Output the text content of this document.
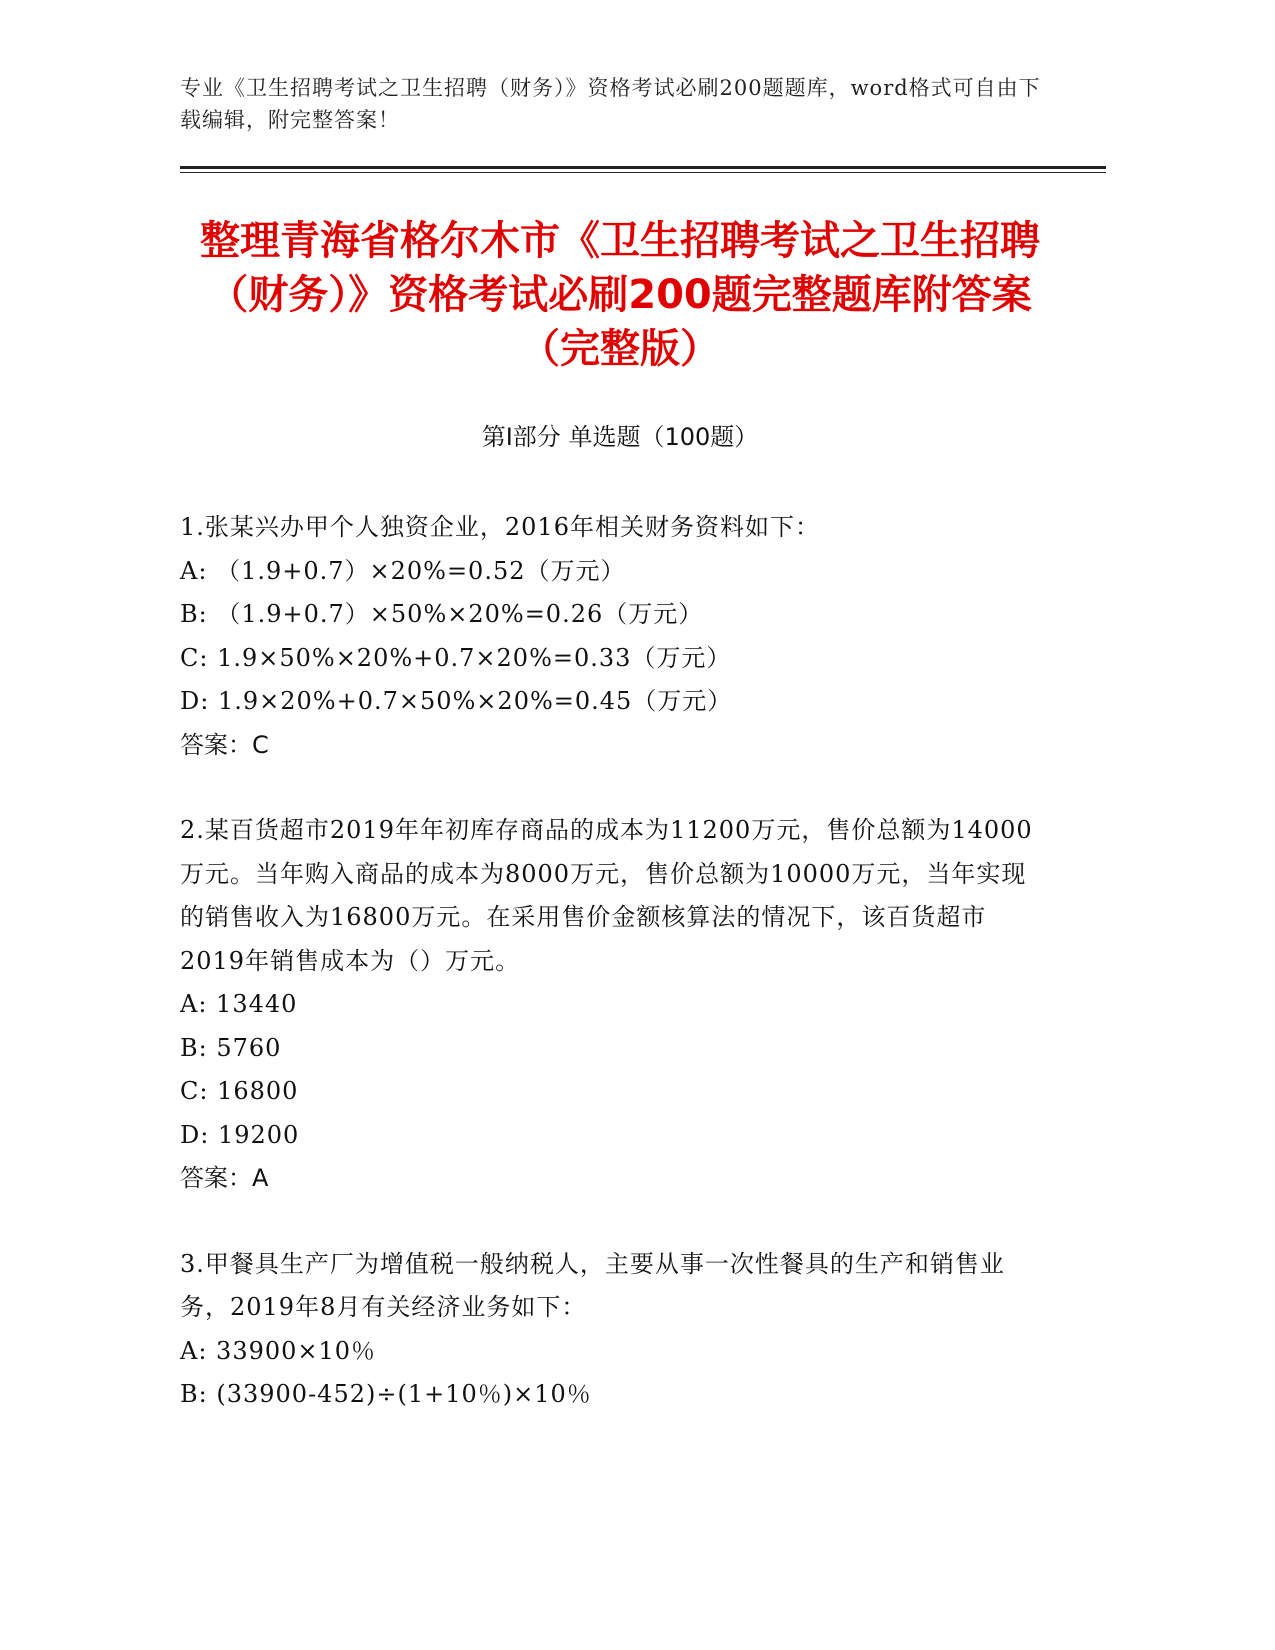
专业《卫生招聘考试之卫生招聘（财务）》资格考试必刷200题题库，word格式可自由下载编辑，附完整答案！
整理青海省格尔木市《卫生招聘考试之卫生招聘（财务）》资格考试必刷200题完整题库附答案（完整版）
第Ⅰ部分 单选题（100题）
1.张某兴办甲个人独资企业，2016年相关财务资料如下：
A: （1.9+0.7）×20%=0.52（万元）
B: （1.9+0.7）×50%×20%=0.26（万元）
C: 1.9×50%×20%+0.7×20%=0.33（万元）
D: 1.9×20%+0.7×50%×20%=0.45（万元）
答案：C
2.某百货超市2019年年初库存商品的成本为11200万元，售价总额为14000万元。当年购入商品的成本为8000万元，售价总额为10000万元，当年实现的销售收入为16800万元。在采用售价金额核算法的情况下，该百货超市2019年销售成本为（）万元。
A: 13440
B: 5760
C: 16800
D: 19200
答案：A
3.甲餐具生产厂为增值税一般纳税人，主要从事一次性餐具的生产和销售业务，2019年8月有关经济业务如下：
A: 33900×10％
B: (33900-452)÷(1+10％)×10％
